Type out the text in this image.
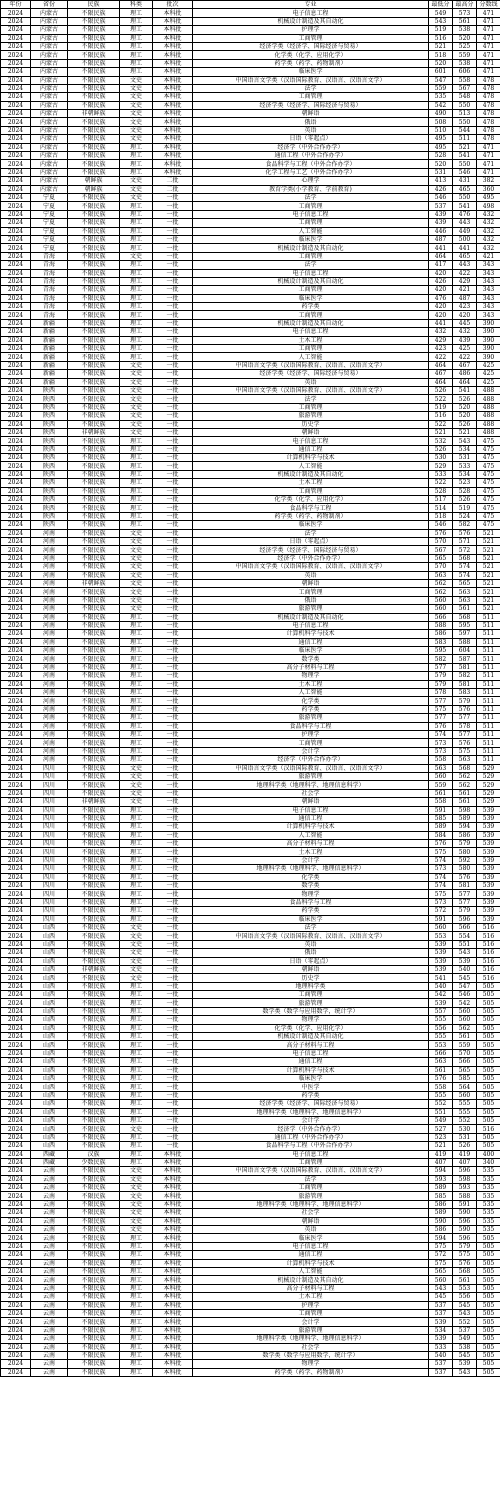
年份	省份	民族	科类	批次	专业	最低分	最高分	分数线
2024	内蒙古	不限民族	理工	本科批	电子信息工程	549	573	471
2024	内蒙古	不限民族	理工	本科批	机械设计制造及其自动化	543	561	471
2024	内蒙古	不限民族	理工	本科批	护理学	519	538	471
2024	内蒙古	不限民族	理工	本科批	工商管理	516	520	471
2024	内蒙古	不限民族	理工	本科批	经济学类（经济学、国际经济与贸易）	521	525	471
2024	内蒙古	不限民族	理工	本科批	化学类（化学、应用化学）	518	559	471
2024	内蒙古	不限民族	理工	本科批	药学类（药学、药物制剂）	520	538	471
2024	内蒙古	不限民族	理工	本科批	临床医学	601	606	471
2024	内蒙古	不限民族	文史	本科批	中国语言文学类（汉语国际教育、汉语言、汉语言文学）	547	558	478
2024	内蒙古	不限民族	文史	本科批	法学	559	567	478
2024	内蒙古	不限民族	文史	本科批	工商管理	535	548	478
2024	内蒙古	不限民族	文史	本科批	经济学类（经济学、国际经济与贸易）	542	550	478
2024	内蒙古	非朝鲜族	文史	本科批	朝鲜语	490	513	478
2024	内蒙古	不限民族	文史	本科批	俄语	508	550	478
2024	内蒙古	不限民族	文史	本科批	英语	510	544	478
2024	内蒙古	不限民族	文史	本科批	日语（零起点）	495	511	478
2024	内蒙古	不限民族	理工	本科批	经济学（中外合作办学）	495	521	471
2024	内蒙古	不限民族	理工	本科批	通信工程（中外合作办学）	528	541	471
2024	内蒙古	不限民族	理工	本科批	食品科学与工程（中外合作办学）	520	550	471
2024	内蒙古	不限民族	理工	本科批	化学工程与工艺（中外合作办学）	531	546	471
2024	内蒙古	朝鲜族	文史	二批	心理学	413	431	382
2024	内蒙古	朝鲜族	文史	二批	教育学类(小学教育、学前教育)	426	465	360
2024	宁夏	不限民族	文史	一批	法学	546	550	495
2024	宁夏	不限民族	理工	一批	工商管理	537	541	498
2024	宁夏	不限民族	理工	一批	电子信息工程	439	476	432
2024	宁夏	不限民族	理工	一批	工商管理	439	443	432
2024	宁夏	不限民族	理工	一批	人工智能	446	449	432
2024	宁夏	不限民族	理工	一批	临床医学	487	500	432
2024	宁夏	不限民族	理工	一批	机械设计制造及其自动化	441	441	432
2024	青海	不限民族	文史	一批	工商管理	464	465	421
2024	青海	不限民族	理工	一批	法学	417	443	343
2024	青海	不限民族	理工	一批	电子信息工程	420	422	343
2024	青海	不限民族	理工	一批	机械设计制造及其自动化	426	429	343
2024	青海	不限民族	理工	一批	工商管理	420	421	343
2024	青海	不限民族	理工	一批	临床医学	476	487	343
2024	青海	不限民族	理工	一批	药学类	420	423	343
2024	青海	不限民族	理工	一批	工商管理	420	420	343
2024	新疆	不限民族	理工	一批	机械设计制造及其自动化	441	445	390
2024	新疆	不限民族	理工	一批	电子信息工程	432	432	390
2024	新疆	不限民族	理工	一批	土木工程	429	439	390
2024	新疆	不限民族	理工	一批	工商管理	423	425	390
2024	新疆	不限民族	理工	一批	人工智能	422	422	390
2024	新疆	不限民族	文史	一批	中国语言文学类（汉语国际教育、汉语言、汉语言文学）	464	467	425
2024	新疆	不限民族	文史	一批	经济学类（经济学、国际经济与贸易）	467	486	425
2024	新疆	不限民族	文史	一批	英语	464	464	425
2024	陕西	不限民族	文史	一批	中国语言文学类（汉语国际教育、汉语言、汉语言文学）	526	541	488
2024	陕西	不限民族	文史	一批	法学	522	526	488
2024	陕西	不限民族	文史	一批	工商管理	519	520	488
2024	陕西	不限民族	文史	一批	旅游管理	516	520	488
2024	陕西	不限民族	文史	一批	历史学	522	526	488
2024	陕西	非朝鲜族	文史	一批	朝鲜语	521	521	488
2024	陕西	不限民族	理工	一批	电子信息工程	532	543	475
2024	陕西	不限民族	理工	一批	通信工程	526	534	475
2024	陕西	不限民族	理工	一批	计算机科学与技术	530	531	475
2024	陕西	不限民族	理工	一批	人工智能	529	533	475
2024	陕西	不限民族	理工	一批	机械设计制造及其自动化	533	534	475
2024	陕西	不限民族	理工	一批	土木工程	522	523	475
2024	陕西	不限民族	理工	一批	工商管理	528	528	475
2024	陕西	不限民族	理工	一批	化学类（化学、应用化学）	517	526	475
2024	陕西	不限民族	理工	一批	食品科学与工程	514	519	475
2024	陕西	不限民族	理工	一批	药学类（药学、药物制剂）	518	524	475
2024	陕西	不限民族	理工	一批	临床医学	546	582	475
2024	河南	不限民族	文史	一批	法学	576	576	521
2024	河南	不限民族	文史	一批	日语（零起点）	570	571	521
2024	河南	不限民族	文史	一批	经济学类（经济学、国际经济与贸易）	567	572	521
2024	河南	不限民族	文史	一批	经济学（中外合作办学）	565	568	521
2024	河南	不限民族	文史	一批	中国语言文学类（汉语国际教育、汉语言、汉语言文学）	570	574	521
2024	河南	不限民族	文史	一批	英语	563	574	521
2024	河南	非朝鲜族	文史	一批	朝鲜语	562	565	521
2024	河南	不限民族	文史	一批	工商管理	562	563	521
2024	河南	不限民族	文史	一批	俄语	560	563	521
2024	河南	不限民族	文史	一批	旅游管理	560	561	521
2024	河南	不限民族	理工	一批	机械设计制造及其自动化	566	568	511
2024	河南	不限民族	理工	一批	电子信息工程	588	595	511
2024	河南	不限民族	理工	一批	计算机科学与技术	586	597	511
2024	河南	不限民族	理工	一批	通信工程	583	588	511
2024	河南	不限民族	理工	一批	临床医学	595	604	511
2024	河南	不限民族	理工	一批	数学类	582	587	511
2024	河南	不限民族	理工	一批	高分子材料与工程	577	581	511
2024	河南	不限民族	理工	一批	物理学	579	582	511
2024	河南	不限民族	理工	一批	土木工程	579	581	511
2024	河南	不限民族	理工	一批	人工智能	578	583	511
2024	河南	不限民族	理工	一批	化学类	577	579	511
2024	河南	不限民族	理工	一批	药学类	575	576	511
2024	河南	不限民族	理工	一批	旅游管理	577	577	511
2024	河南	不限民族	理工	一批	食品科学与工程	576	578	511
2024	河南	不限民族	理工	一批	护理学	574	577	511
2024	河南	不限民族	理工	一批	工商管理	573	576	511
2024	河南	不限民族	理工	一批	会计学	573	575	511
2024	河南	不限民族	理工	一批	经济学（中外合作办学）	558	563	511
2024	四川	不限民族	文史	一批	中国语言文学类（汉语国际教育、汉语言、汉语言文学）	563	568	529
2024	四川	不限民族	文史	一批	旅游管理	560	562	529
2024	四川	不限民族	文史	一批	地理科学类（地理科学、地理信息科学）	559	562	529
2024	四川	不限民族	文史	一批	社会学	561	561	529
2024	四川	非朝鲜族	文史	一批	朝鲜语	558	561	529
2024	四川	不限民族	理工	一批	电子信息工程	591	598	539
2024	四川	不限民族	理工	一批	通信工程	585	589	539
2024	四川	不限民族	理工	一批	计算机科学与技术	589	594	539
2024	四川	不限民族	理工	一批	人工智能	584	586	539
2024	四川	不限民族	理工	一批	高分子材料与工程	576	579	539
2024	四川	不限民族	理工	一批	土木工程	575	580	539
2024	四川	不限民族	理工	一批	会计学	574	592	539
2024	四川	不限民族	理工	一批	地理科学类（地理科学、地理信息科学）	573	580	539
2024	四川	不限民族	理工	一批	化学类	574	576	539
2024	四川	不限民族	理工	一批	数学类	574	581	539
2024	四川	不限民族	理工	一批	物理学	575	577	539
2024	四川	不限民族	理工	一批	食品科学与工程	573	577	539
2024	四川	不限民族	理工	一批	药学类	572	579	539
2024	四川	不限民族	理工	一批	临床医学	591	596	539
2024	山西	不限民族	文史	一批	法学	560	566	516
2024	山西	不限民族	文史	一批	中国语言文学类（汉语国际教育、汉语言、汉语言文学）	553	554	516
2024	山西	不限民族	文史	一批	英语	539	551	516
2024	山西	不限民族	文史	一批	俄语	539	543	516
2024	山西	不限民族	文史	一批	日语（零起点）	539	539	516
2024	山西	非朝鲜族	文史	一批	朝鲜语	539	540	516
2024	山西	不限民族	文史	一批	历史学	541	545	516
2024	山西	不限民族	理工	一批	地理科学类	540	547	505
2024	山西	不限民族	理工	一批	工商管理	542	546	505
2024	山西	不限民族	理工	一批	旅游管理	539	542	505
2024	山西	不限民族	理工	一批	数学类（数学与应用数学，统计学）	557	560	505
2024	山西	不限民族	理工	一批	物理学	555	560	505
2024	山西	不限民族	理工	一批	化学类（化学、应用化学）	556	562	505
2024	山西	不限民族	理工	一批	机械设计制造及其自动化	555	561	505
2024	山西	不限民族	理工	一批	高分子材料与工程	553	559	505
2024	山西	不限民族	理工	一批	电子信息工程	566	570	505
2024	山西	不限民族	理工	一批	通信工程	563	566	505
2024	山西	不限民族	理工	一批	计算机科学与技术	561	565	505
2024	山西	不限民族	理工	一批	临床医学	576	585	505
2024	山西	不限民族	理工	一批	中医学	558	564	505
2024	山西	不限民族	理工	一批	药学类	555	560	505
2024	山西	不限民族	理工	一批	经济学类（经济学、国际经济与贸易）	552	555	505
2024	山西	不限民族	理工	一批	地理科学类（地理科学、地理信息科学）	551	555	505
2024	山西	不限民族	理工	一批	会计学	549	552	505
2024	山西	不限民族	文史	一批	经济学（中外合作办学）	527	530	516
2024	山西	不限民族	理工	一批	通信工程（中外合作办学）	523	531	505
2024	山西	不限民族	理工	一批	食品科学与工程（中外合作办学）	521	526	505
2024	西藏	汉族	理工	本科批	电子信息工程	419	419	400
2024	西藏	少数民族	理工	本科批	工商管理	407	407	340
2024	云南	不限民族	文史	本科批	中国语言文学类（汉语国际教育、汉语言、汉语言文学）	594	596	535
2024	云南	不限民族	文史	本科批	法学	593	598	535
2024	云南	不限民族	文史	本科批	工商管理	589	593	535
2024	云南	不限民族	文史	本科批	旅游管理	585	588	535
2024	云南	不限民族	文史	本科批	地理科学类（地理科学、地理信息科学）	586	591	535
2024	云南	不限民族	文史	本科批	社会学	589	590	535
2024	云南	不限民族	文史	本科批	朝鲜语	590	596	535
2024	云南	不限民族	文史	本科批	英语	586	590	535
2024	云南	不限民族	理工	本科批	临床医学	594	596	505
2024	云南	不限民族	理工	本科批	电子信息工程	575	579	505
2024	云南	不限民族	理工	本科批	通信工程	572	575	505
2024	云南	不限民族	理工	本科批	计算机科学与技术	575	576	505
2024	云南	不限民族	理工	本科批	人工智能	565	568	505
2024	云南	不限民族	理工	本科批	机械设计制造及其自动化	560	561	505
2024	云南	不限民族	理工	本科批	高分子材料与工程	543	553	505
2024	云南	不限民族	理工	本科批	土木工程	545	556	505
2024	云南	不限民族	理工	本科批	护理学	537	545	505
2024	云南	不限民族	理工	本科批	工商管理	537	543	505
2024	云南	不限民族	理工	本科批	会计学	539	552	505
2024	云南	不限民族	理工	本科批	旅游管理	534	537	505
2024	云南	不限民族	理工	本科批	地理科学类（地理科学、地理信息科学）	539	549	505
2024	云南	不限民族	理工	本科批	社会学	533	538	505
2024	云南	不限民族	理工	本科批	数学类（数学与应用数学，统计学）	540	545	505
2024	云南	不限民族	理工	本科批	物理学	537	539	505
2024	云南	不限民族	理工	本科批	药学类（药学、药物制剂）	537	543	505
